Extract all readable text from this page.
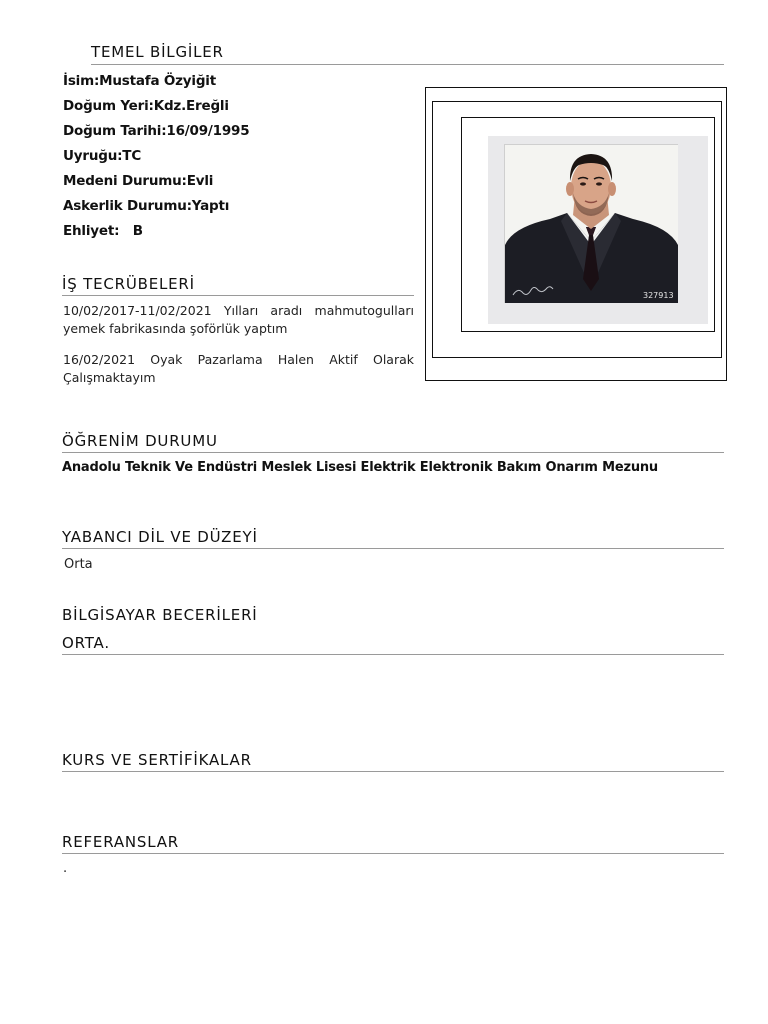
TEMEL BİLGİLER
İsim:Mustafa Özyiğit
Doğum Yeri:Kdz.Ereğli
Doğum Tarihi:16/09/1995
Uyruğu:TC
Medeni Durumu:Evli
Askerlik Durumu:Yaptı
Ehliyet:   B
İŞ TECRÜBELERİ
10/02/2017-11/02/2021 Yılları aradı mahmutogulları yemek fabrikasında şoförlük yaptım
16/02/2021 Oyak Pazarlama Halen Aktif Olarak Çalışmaktayım
327913
ÖĞRENİM DURUMU
Anadolu Teknik Ve Endüstri Meslek Lisesi Elektrik Elektronik Bakım Onarım Mezunu
YABANCI DİL VE DÜZEYİ
Orta
BİLGİSAYAR BECERİLERİ
ORTA.
KURS VE SERTİFİKALAR
REFERANSLAR
.
